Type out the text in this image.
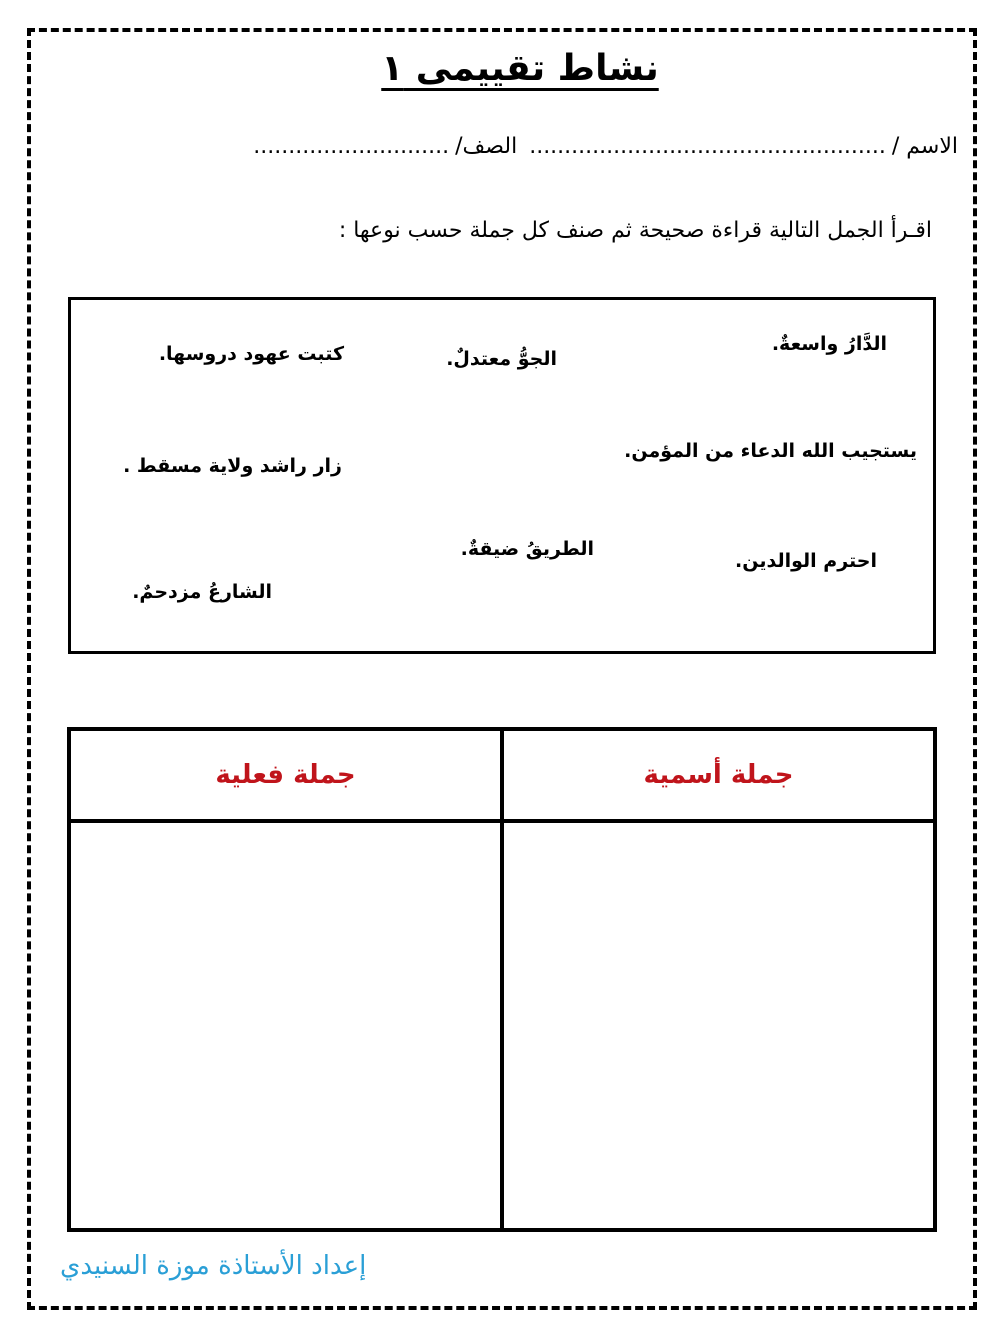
نشاط تقييمى ١
الاسم /...................................................الصف/............................
اقـرأ الجمل التالية قراءة صحيحة ثم صنف كل جملة حسب نوعها :
الدَّارُ واسعةٌ.
الجوُّ معتدلٌ.
كتبت عهود دروسها.
يستجيب الله الدعاء من المؤمن.
زار راشد ولاية مسقط .
الطريقُ ضيقةٌ.
احترم الوالدين.
الشارعُ مزدحمٌ.
جملة فعلية	جملة أسمية
إعداد الأستاذة موزة السنيدي
